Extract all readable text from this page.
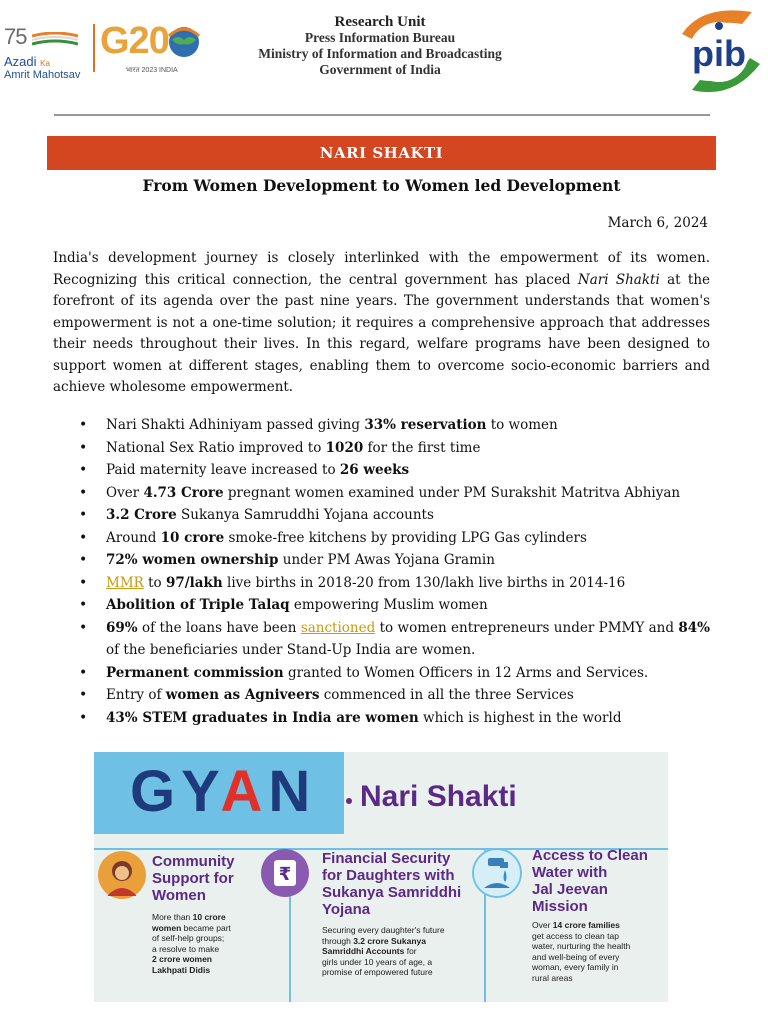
75
Azadi Ka
Amrit Mahotsav
G20
भारत 2023 INDIA
Research Unit
Press Information Bureau
Ministry of Information and Broadcasting
Government of India	pib
NARI SHAKTI
From Women Development to Women led Development
March 6, 2024

India's development journey is closely interlinked with the empowerment of its women. Recognizing this critical connection, the central government has placed Nari Shakti at the forefront of its agenda over the past nine years. The government understands that women's empowerment is not a one-time solution; it requires a comprehensive approach that addresses their needs throughout their lives. In this regard, welfare programs have been designed to support women at different stages, enabling them to overcome socio-economic barriers and achieve wholesome empowerment.

• Nari Shakti Adhiniyam passed giving 33% reservation to women
• National Sex Ratio improved to 1020 for the first time
• Paid maternity leave increased to 26 weeks
• Over 4.73 Crore pregnant women examined under PM Surakshit Matritva Abhiyan
• 3.2 Crore Sukanya Samruddhi Yojana accounts
• Around 10 crore smoke-free kitchens by providing LPG Gas cylinders
• 72% women ownership under PM Awas Yojana Gramin
• MMR to 97/lakh live births in 2018-20 from 130/lakh live births in 2014-16
• Abolition of Triple Talaq empowering Muslim women
• 69% of the loans have been sanctioned to women entrepreneurs under PMMY and 84% of the beneficiaries under Stand-Up India are women.
• Permanent commission granted to Women Officers in 12 Arms and Services.
• Entry of women as Agniveers commenced in all the three Services
• 43% STEM graduates in India are women which is highest in the world
GYAN Nari Shakti
Community
Support for
Women
More than 10 crore
women became part
of self-help groups;
a resolve to make
2 crore women
Lakhpati Didis
₹
Financial Security
for Daughters with
Sukanya Samriddhi
Yojana
Securing every daughter's future
through 3.2 crore Sukanya
Samriddhi Accounts for
girls under 10 years of age, a
promise of empowered future
Access to Clean
Water with
Jal Jeevan
Mission
Over 14 crore families
get access to clean tap
water, nurturing the health
and well-being of every
woman, every family in
rural areas
